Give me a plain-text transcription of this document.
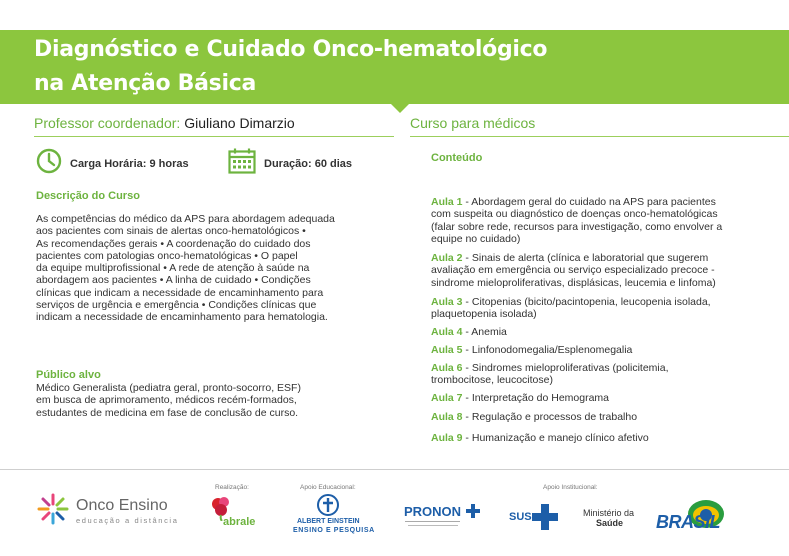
Diagnóstico e Cuidado Onco-hematológico
na Atenção Básica
Professor coordenador: Giuliano Dimarzio	Curso para médicos
Carga Horária: 9 horas	Duração: 60 dias
Descrição do Curso
As competências do médico da APS para abordagem adequada
aos pacientes com sinais de alertas onco-hematológicos •
As recomendações gerais • A coordenação do cuidado dos
pacientes com patologias onco-hematológicas • O papel
da equipe multiprofissional • A rede de atenção à saúde na
abordagem aos pacientes • A linha de cuidado • Condições
clínicas que indicam a necessidade de encaminhamento para
serviços de urgência e emergência • Condições clínicas que
indicam a necessidade de encaminhamento para hematologia.
Público alvo
Médico Generalista (pediatra geral, pronto-socorro, ESF)
em busca de aprimoramento, médicos recém-formados,
estudantes de medicina em fase de conclusão de curso.
Conteúdo
Aula 1 - Abordagem geral do cuidado na APS para pacientes
com suspeita ou diagnóstico de doenças onco-hematológicas
(falar sobre rede, recursos para investigação, como envolver a
equipe no cuidado)
Aula 2 - Sinais de alerta (clínica e laboratorial que sugerem
avaliação em emergência ou serviço especializado precoce -
sindrome mieloproliferativas, displásicas, leucemia e linfoma)
Aula 3 - Citopenias (bicito/pacintopenia, leucopenia isolada,
plaquetopenia isolada)
Aula 4 - Anemia
Aula 5 - Linfonodomegalia/Esplenomegalia
Aula 6 - Sindromes mieloproliferativas (policitemia,
trombocitose, leucocitose)
Aula 7 - Interpretação do Hemograma
Aula 8 - Regulação e processos de trabalho
Aula 9 - Humanização e manejo clínico afetivo
Onco Ensino
educação a distância
Realização:
abrale
Apoio Educacional:
ALBERT EINSTEIN
ENSINO E PESQUISA
PRONON
Apoio Institucional:
SUS	Ministério da
Saúde BRASIL
